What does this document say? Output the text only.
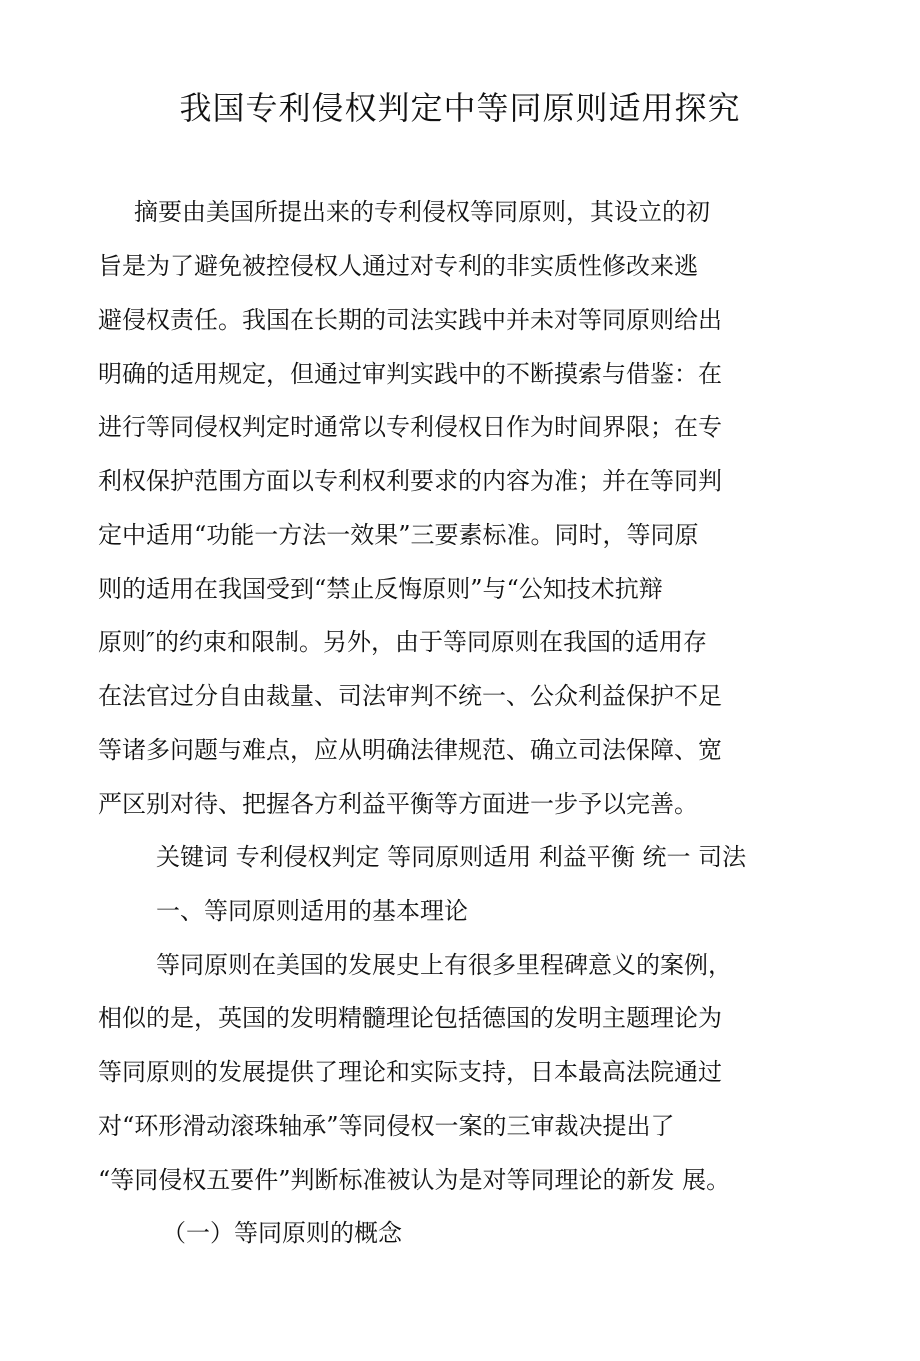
我国专利侵权判定中等同原则适用探究

摘要由美国所提出来的专利侵权等同原则，其设立的初

旨是为了避免被控侵权人通过对专利的非实质性修改来逃

避侵权责任。我国在长期的司法实践中并未对等同原则给出

明确的适用规定，但通过审判实践中的不断摸索与借鉴：在

进行等同侵权判定时通常以专利侵权日作为时间界限；在专

利权保护范围方面以专利权利要求的内容为准；并在等同判

定中适用“功能一方法一效果”三要素标准。同时，等同原

则的适用在我国受到“禁止反悔原则”与“公知技术抗辩

原则″的约束和限制。另外，由于等同原则在我国的适用存

在法官过分自由裁量、司法审判不统一、公众利益保护不足

等诸多问题与难点，应从明确法律规范、确立司法保障、宽

严区别对待、把握各方利益平衡等方面进一步予以完善。

关键词 专利侵权判定 等同原则适用 利益平衡 统一 司法

一、等同原则适用的基本理论

等同原则在美国的发展史上有很多里程碑意义的案例，

相似的是，英国的发明精髓理论包括德国的发明主题理论为

等同原则的发展提供了理论和实际支持，日本最高法院通过

对“环形滑动滚珠轴承”等同侵权一案的三审裁决提出了

“等同侵权五要件”判断标准被认为是对等同理论的新发 展。

（一）等同原则的概念
